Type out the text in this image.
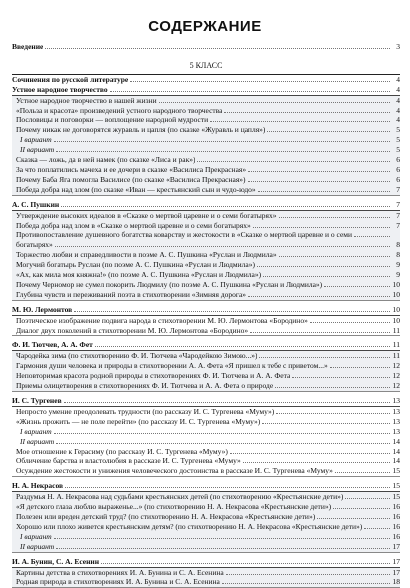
СОДЕРЖАНИЕ
Введение	3
5 КЛАСС
Сочинения по русской литературе	4
Устное народное творчество	4
Устное народное творчество в нашей жизни	4
«Польза и красота» произведений устного народного творчества	4
Пословицы и поговорки — воплощение народной мудрости	4
Почему никак не договорятся журавль и цапля (по сказке «Журавль и цапля»)	5
I вариант	5
II вариант	5
Сказка — ложь, да в ней намек (по сказке «Лиса и рак»)	6
За что поплатились мачеха и ее дочери в сказке «Василиса Прекрасная»	6
Почему Баба Яга помогла Василисе (по сказке «Василиса Прекрасная»)	6
Победа добра над злом (по сказке «Иван — крестьянский сын и чудо-юдо»	7
А. С. Пушкин	7
Утверждение высоких идеалов в «Сказке о мертвой царевне и о семи богатырях»	7
Победа добра над злом в «Сказке о мертвой царевне и о семи богатырях»	7
Противопоставление душевного богатства коварству и жестокости в «Сказке о мертвой царевне и о семи
богатырях»	8
Торжество любви и справедливости в поэме А. С. Пушкина «Руслан и Людмила»	8
Могучий богатырь Руслан (по поэме А. С. Пушкина «Руслан и Людмила»)	9
«Ах, как мила моя княжна!» (по поэме А. С. Пушкина «Руслан и Людмила»)	9
Почему Черномор не сумел покорить Людмилу (по поэме А. С. Пушкина «Руслан и Людмила»)	10
Глубина чувств и переживаний поэта в стихотворении «Зимняя дорога»	10
М. Ю. Лермонтов	10
Поэтическое изображение подвига народа в стихотворении М. Ю. Лермонтова «Бородино»	10
Диалог двух поколений в стихотворении М. Ю. Лермонтова «Бородино»	11
Ф. И. Тютчев, А. А. Фет	11
Чародейка зима (по стихотворению Ф. И. Тютчева «Чародейкою Зимою...»)	11
Гармония души человека и природы в стихотворении А. А. Фета «Я пришел к тебе с приветом...»	12
Неповторимая красота родной природы в стихотворениях Ф. И. Тютчева и А. А. Фета	12
Приемы олицетворения в стихотворениях Ф. И. Тютчева и А. А. Фета о природе	12
И. С. Тургенев	13
Непросто умение преодолевать трудности (по рассказу И. С. Тургенева «Муму»)	13
«Жизнь прожить — не поле перейти» (по рассказу И. С. Тургенева «Муму»)	13
I вариант	13
II вариант	14
Мое отношение к Герасиму (по рассказу И. С. Тургенева «Муму»)	14
Обличение барства и властолюбия в рассказе И. С. Тургенева «Муму»	14
Осуждение жестокости и унижения человеческого достоинства в рассказе И. С. Тургенева «Муму»	15
Н. А. Некрасов	15
Раздумья Н. А. Некрасова над судьбами крестьянских детей (по стихотворению «Крестьянские дети»)	15
«Я детского глаза люблю выраженье...» (по стихотворению Н. А. Некрасова «Крестьянские дети»)	16
Полезен или вреден детский труд? (по стихотворению Н. А. Некрасова «Крестьянские дети»)	16
Хорошо или плохо живется крестьянским детям? (по стихотворению Н. А. Некрасова «Крестьянские дети»)	16
I вариант	16
II вариант	17
И. А. Бунин, С. А. Есенин	17
Картины детства в стихотворениях И. А. Бунина и С. А. Есенина	17
Родная природа в стихотворениях И. А. Бунина и С. А. Есенина	18
